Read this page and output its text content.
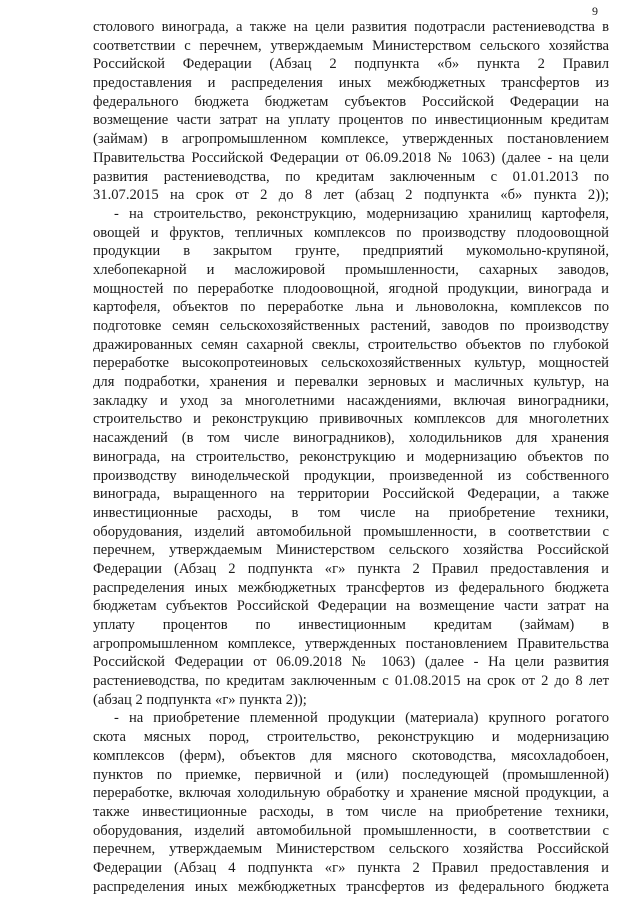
9
столового винограда, а также на цели развития подотрасли растениеводства в
соответствии с перечнем, утверждаемым Министерством сельского хозяйства
Российской Федерации (Абзац 2 подпункта «б» пункта 2 Правил
предоставления и распределения иных межбюджетных трансфертов из
федерального бюджета бюджетам субъектов Российской Федерации на
возмещение части затрат на уплату процентов по инвестиционным кредитам
(займам) в агропромышленном комплексе, утвержденных постановлением
Правительства Российской Федерации от 06.09.2018 № 1063) (далее - на цели
развития растениеводства, по кредитам заключенным с 01.01.2013 по
31.07.2015 на срок от 2 до 8 лет (абзац 2 подпункта «б» пункта 2));
- на строительство, реконструкцию, модернизацию хранилищ картофеля,
овощей и фруктов, тепличных комплексов по производству плодоовощной
продукции в закрытом грунте, предприятий мукомольно-крупяной,
хлебопекарной и масложировой промышленности, сахарных заводов,
мощностей по переработке плодоовощной, ягодной продукции, винограда и
картофеля, объектов по переработке льна и льноволокна, комплексов по
подготовке семян сельскохозяйственных растений, заводов по производству
дражированных семян сахарной свеклы, строительство объектов по глубокой
переработке высокопротеиновых сельскохозяйственных культур, мощностей
для подработки, хранения и перевалки зерновых и масличных культур, на
закладку и уход за многолетними насаждениями, включая виноградники,
строительство и реконструкцию прививочных комплексов для многолетних
насаждений (в том числе виноградников), холодильников для хранения
винограда, на строительство, реконструкцию и модернизацию объектов по
производству винодельческой продукции, произведенной из собственного
винограда, выращенного на территории Российской Федерации, а также
инвестиционные расходы, в том числе на приобретение техники,
оборудования, изделий автомобильной промышленности, в соответствии с
перечнем, утверждаемым Министерством сельского хозяйства Российской
Федерации (Абзац 2 подпункта «г» пункта 2 Правил предоставления и
распределения иных межбюджетных трансфертов из федерального бюджета
бюджетам субъектов Российской Федерации на возмещение части затрат на
уплату процентов по инвестиционным кредитам (займам) в
агропромышленном комплексе, утвержденных постановлением Правительства
Российской Федерации от 06.09.2018 № 1063) (далее - На цели развития
растениеводства, по кредитам заключенным с 01.08.2015 на срок от 2 до 8 лет
(абзац 2 подпункта «г» пункта 2));
- на приобретение племенной продукции (материала) крупного рогатого
скота мясных пород, строительство, реконструкцию и модернизацию
комплексов (ферм), объектов для мясного скотоводства, мясохладобоен,
пунктов по приемке, первичной и (или) последующей (промышленной)
переработке, включая холодильную обработку и хранение мясной продукции, а
также инвестиционные расходы, в том числе на приобретение техники,
оборудования, изделий автомобильной промышленности, в соответствии с
перечнем, утверждаемым Министерством сельского хозяйства Российской
Федерации (Абзац 4 подпункта «г» пункта 2 Правил предоставления и
распределения иных межбюджетных трансфертов из федерального бюджета
